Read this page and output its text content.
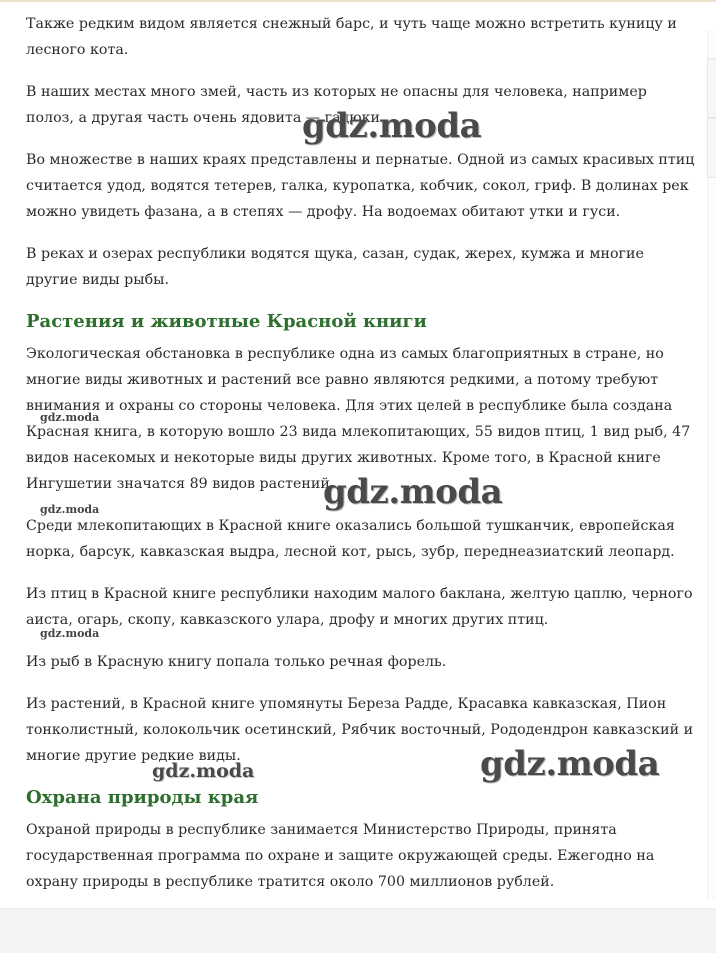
Также редким видом является снежный барс, и чуть чаще можно встретить куницу и лесного кота.

В наших местах много змей, часть из которых не опасны для человека, например полоз, а другая часть очень ядовита — гадюки.

Во множестве в наших краях представлены и пернатые. Одной из самых красивых птиц считается удод, водятся тетерев, галка, куропатка, кобчик, сокол, гриф. В долинах рек можно увидеть фазана, а в степях — дрофу. На водоемах обитают утки и гуси.

В реках и озерах республики водятся щука, сазан, судак, жерех, кумжа и многие другие виды рыбы.

Растения и животные Красной книги

Экологическая обстановка в республике одна из самых благоприятных в стране, но многие виды животных и растений все равно являются редкими, а потому требуют внимания и охраны со стороны человека. Для этих целей в республике была создана Красная книга, в которую вошло 23 вида млекопитающих, 55 видов птиц, 1 вид рыб, 47 видов насекомых и некоторые виды других животных. Кроме того, в Красной книге Ингушетии значатся 89 видов растений.

Среди млекопитающих в Красной книге оказались большой тушканчик, европейская норка, барсук, кавказская выдра, лесной кот, рысь, зубр, переднеазиатский леопард.

Из птиц в Красной книге республики находим малого баклана, желтую цаплю, черного аиста, огарь, скопу, кавказского улара, дрофу и многих других птиц.

Из рыб в Красную книгу попала только речная форель.

Из растений, в Красной книге упомянуты Береза Радде, Красавка кавказская, Пион тонколистный, колокольчик осетинский, Рябчик восточный, Рододендрон кавказский и многие другие редкие виды.

Охрана природы края

Охраной природы в республике занимается Министерство Природы, принята государственная программа по охране и защите окружающей среды. Ежегодно на охрану природы в республике тратится около 700 миллионов рублей.

gdz.moda
gdz.moda
gdz.moda
gdz.moda
gdz.moda
gdz.moda	gdz.moda
